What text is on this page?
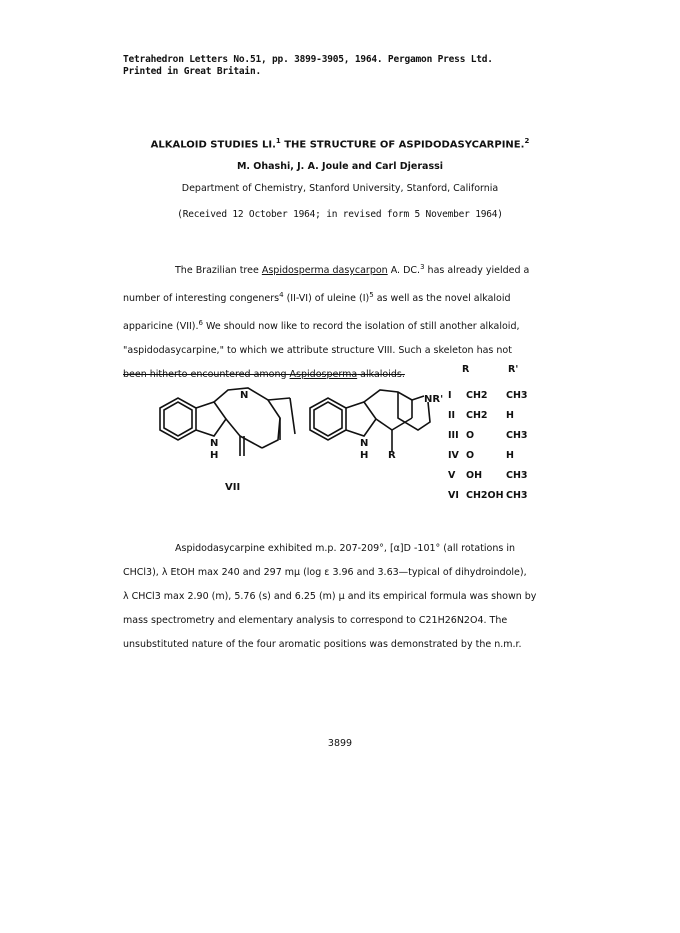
Tetrahedron Letters No.51, pp. 3899-3905, 1964. Pergamon Press Ltd.
Printed in Great Britain.
ALKALOID STUDIES LI.$^1$ THE STRUCTURE OF ASPIDODASYCARPINE.$^2$
M. Ohashi, J. A. Joule and Carl Djerassi
Department of Chemistry, Stanford University, Stanford, California
(Received 12 October 1964; in revised form 5 November 1964)
The Brazilian tree Aspidosperma dasycarpon A. DC.$^3$ has already yielded a
number of interesting congeners$^4$ (II-VI) of uleine $(I)^5$ as well as the novel alkaloid
apparicine (VII).$^6$ We should now like to record the isolation of still another alkaloid,
"aspidodasycarpine," to which we attribute structure VIII. Such a skeleton has not
been hitherto encountered among Aspidosperma alkaloids.
N
N
H
VII
N
H R
NR'
R	R'
I CH2 CH3
II CH2 H
III O	CH3
IV O	H
V OH	CH3
VI CH2OH CH3
Aspidodasycarpine exhibited m.p. 207-209°, [α]D -101° (all rotations in
CHCl3), λ EtOH max 240 and 297 mμ (log ε 3.96 and 3.63—typical of dihydroindole),
λ CHCl3 max 2.90 (m), 5.76 (s) and 6.25 (m) μ and its empirical formula was shown by
mass spectrometry and elementary analysis to correspond to C21H26N2O4. The
unsubstituted nature of the four aromatic positions was demonstrated by the n.m.r.
3899
